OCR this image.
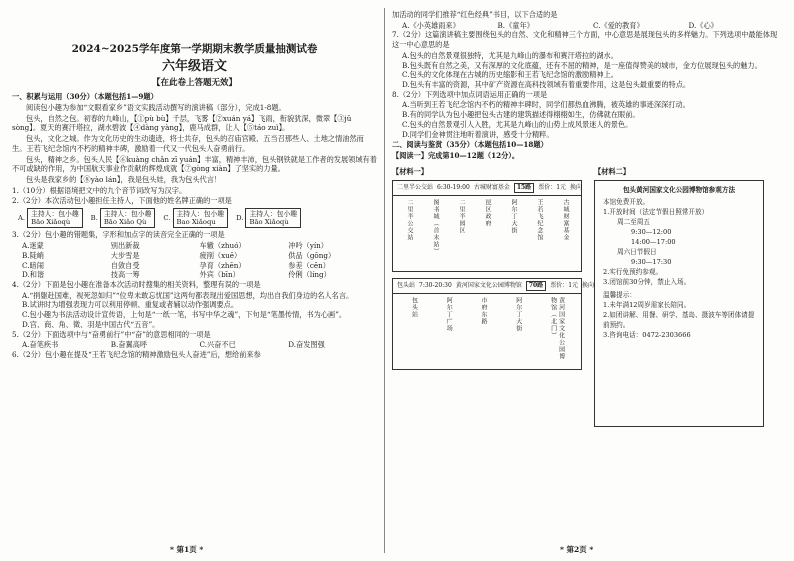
2024~2025学年度第一学期期末教学质量抽测试卷
六年级语文
【在此卷上答题无效】

一、积累与运用（30分）（本题包括1—9题）

阅读包小趣为参加“文眼看家乡”语文实践活动撰写的演讲稿（部分），完成1-8题。

包头，自然之包。初春的九峰山，【①pù bù】千层，飞雾【②xuán yá】飞雨，衔貌犹深，微翠【③jǔ sòng】。夏天的赛汗塔拉，湖水碧波【④dàng yàng】，鹿马成群，让人【⑤táo zuì】。

包头，文化之城。作为文化历史的生动遗迹，将士共存，包头的召庙宫殿、五当召那些人、土地之情油然而生。王若飞纪念馆内不朽的精神丰碑，激励着一代又一代包头人奋勇前行。

包头，精神之乡。包头人民【⑥kuàng chǎn zī yuán】丰富，精神丰沛，包头钢铁就是工作者的发展领域有着不可或缺的作用，为中国航天事业作贡献的辉煌成就【⑦gòng xiàn】了坚实的力量。

包头是我家乡的【⑧yào lán】，我是包头娃，我为包头代言！

1.（10分）根据语境把文中的九个音节词改写为汉字。

2.（2分）本次活动包小趣担任主持人，下面他的姓名牌正确的一项是

A. 主持人：包小趣
Bāo Xiǎoqù
B. 主持人：包小趣
Bāo Xiǎo Qù
C. 主持人：包小趣
Bao Xiǎoqu
D. 主持人：包小趣
Bāo Xiǎoqù

3.（2分）包小趣的错题集，字形和加点字的读音完全正确的一项是

A.迷蒙	别出新裁	车辙（zhuó）	冲吟（yín）
B.陡峭	大步雪是	疲削（xuē）	供品（gōng）
C.暗闹	自敛自受	孕育（zhēn）	参差（cēn）
D.和谐	技高一筹	外宾（bīn）	伶俐（líng）

4.（2分）下面是包小趣在准备本次活动时搜集的相关资料，整理有误的一项是

A.“捐躯赴国难，视死忽如归”“位卑未敢忘忧国”这两句都表现出爱国思想，均出自我们身边的名人名言。

B.试讲时为增强表现力可以利用停顿、重复或者辅以动作强调要点。

C.包小趣为书法活动设计宣传语，上句是“一纸一笔，书写中华之魂”，下句是“笔墨传情，书为心画”。

D.宫、商、角、徵、羽是中国古代“五音”。

5.（2分）下面选项中与“奋勇前行”中“奋”的意思相同的一项是

A.奋笔疾书	B.奋翼高呼	C.兴奋不已	D.奋发图强

6.（2分）包小趣在提及“王若飞纪念馆的精神激励包头人奋进”后，想给前来参

* 第1页 *

加活动的同学们推荐“红色经典”书目，以下合适的是

A.《小英雄雨来》	B.《童年》	C.《爱的教育》	D.《心》

7.（2分）这篇演讲稿主要围绕包头的自然、文化和精神三个方面，中心意思是展现包头的多样魅力。下列选项中最能体现这一中心意思的是

A.包头的自然景观很独特，尤其是九峰山的瀑布和赛汗塔拉的湖水。

B.包头既有自然之美，又有深厚的文化底蕴，还有不屈的精神，是一座值得赞美的城市，金方位展现包头的魅力。

C.包头的文化体现在古城的历史缩影和王若飞纪念馆的激励精神上。

D.包头有丰富的资源，其中矿产资源在高科技领域有着重要作用，这是包头最重要的特点。

8.（2分）下列选项中加点词语运用正确的一项是

A.当听到王若飞纪念馆内不朽的精神丰碑时，同学们都热血沸腾，被英雄的事迹深深打动。

B.有的同学认为包小趣把包头古建的建筑描述得栩栩如生，仿佛就在眼前。

C.包头的自然景观引人入胜，尤其是九峰山的山势上成风景迷人的景色。

D.同学们金神贯注地听着演讲，感受十分精粹。

二、阅读与鉴赏（35分）（本题包括10—18题）

【阅读一】完成第10—12题（12分）。

【材料一】
二里半公交站 6:30-19:00 古城财富基金	15路	票价：1元 换向
二里半公交站	图书城（首末站）	二里半园区	昆区政府	阿尔丁大街	王若飞纪念馆	古城财富基金
包头站 7:30-20:30 黄河国家文化公园博物馆	70路	票价：1元 换向
包头站	阿尔丁广场	市府东路	阿尔丁大街	黄河国家文化公园博物馆（北门）
【材料二】
包头黄河国家文化公园博物馆参观方法
本馆免费开放。
1.开放时间（法定节假日照常开放）
周二至周五
9:30—12:00
14:00—17:00
周六日节假日
9:30—17:30
2.实行免预约参观。
3.闭馆前30分钟，禁止入场。
温馨提示：
1.未年满12周岁需家长陪同。
2.如团讲解、用餐、研学、基岛、摄波车等团体请提前预约。
3.咨询电话：0472-2303666
* 第2页 *
